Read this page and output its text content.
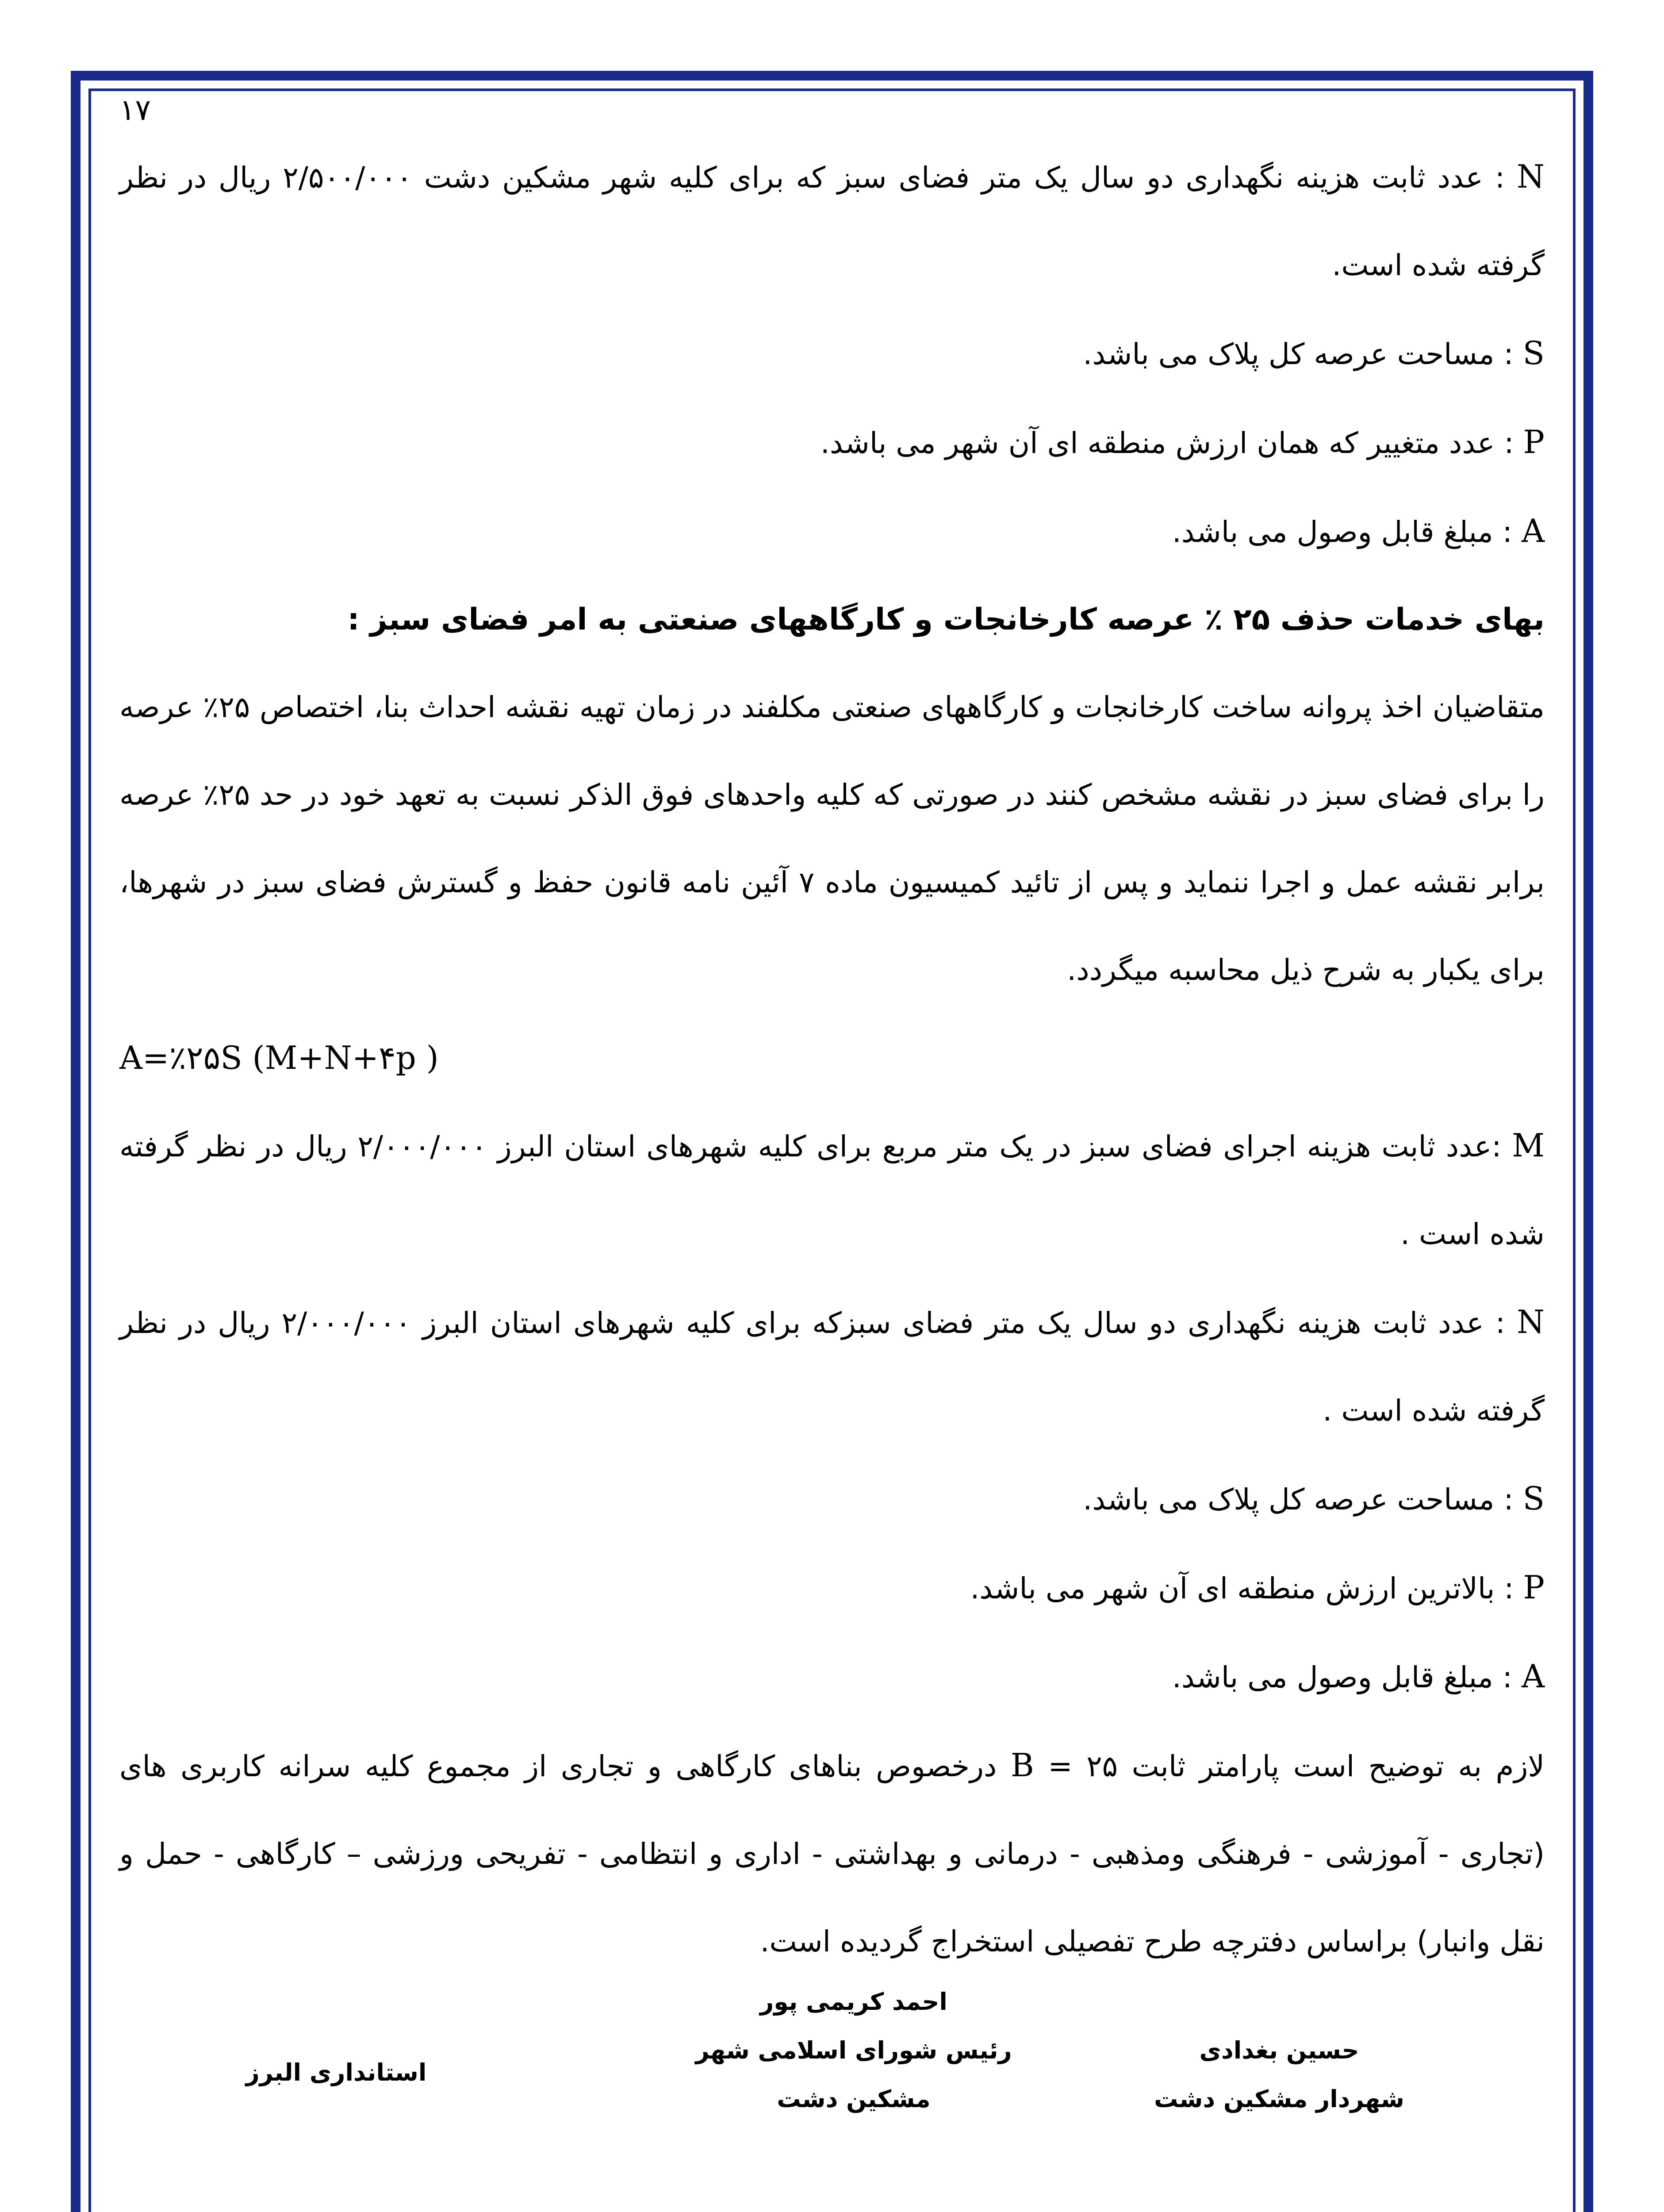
۱۷

N : عدد ثابت هزینه نگهداری دو سال یک متر فضای سبز که برای کلیه شهر مشکین دشت ۲/۵۰۰/۰۰۰ ریال در نظر گرفته شده است.

S : مساحت عرصه کل پلاک می باشد.

P : عدد متغییر که همان ارزش منطقه ای آن شهر می باشد.

A : مبلغ قابل وصول می باشد.

بهای خدمات حذف ۲۵ ٪ عرصه کارخانجات و کارگاههای صنعتی به امر فضای سبز :

متقاضیان اخذ پروانه ساخت کارخانجات و کارگاههای صنعتی مکلفند در زمان تهیه نقشه احداث بنا، اختصاص ۲۵٪ عرصه را برای فضای سبز در نقشه مشخص کنند در صورتی که کلیه واحدهای فوق الذکر نسبت به تعهد خود در حد ۲۵٪ عرصه برابر نقشه عمل و اجرا ننماید و پس از تائید کمیسیون ماده ۷ آئین نامه قانون حفظ و گسترش فضای سبز در شهرها، برای یکبار به شرح ذیل محاسبه میگردد.

A=٪۲۵S (M+N+۴p )

M :عدد ثابت هزینه اجرای فضای سبز در یک متر مربع برای کلیه شهرهای استان البرز ۲/۰۰۰/۰۰۰ ریال در نظر گرفته شده است .

N : عدد ثابت هزینه نگهداری دو سال یک متر فضای سبزکه برای کلیه شهرهای استان البرز ۲/۰۰۰/۰۰۰ ریال در نظر گرفته شده است .

S : مساحت عرصه کل پلاک می باشد.

P : بالاترین ارزش منطقه ای آن شهر می باشد.

A : مبلغ قابل وصول می باشد.

لازم به توضیح است پارامتر ثابت B = ۲۵ درخصوص بناهای کارگاهی و تجاری از مجموع کلیه سرانه کاربری های (تجاری - آموزشی - فرهنگی ومذهبی - درمانی و بهداشتی - اداری و انتظامی - تفریحی ورزشی – کارگاهی - حمل و نقل وانبار) براساس دفترچه طرح تفصیلی استخراج گردیده است.

حسین بغدادی
شهردار مشکین دشت
احمد کریمی پور
رئیس شورای اسلامی شهر
مشکین دشت
استانداری البرز
